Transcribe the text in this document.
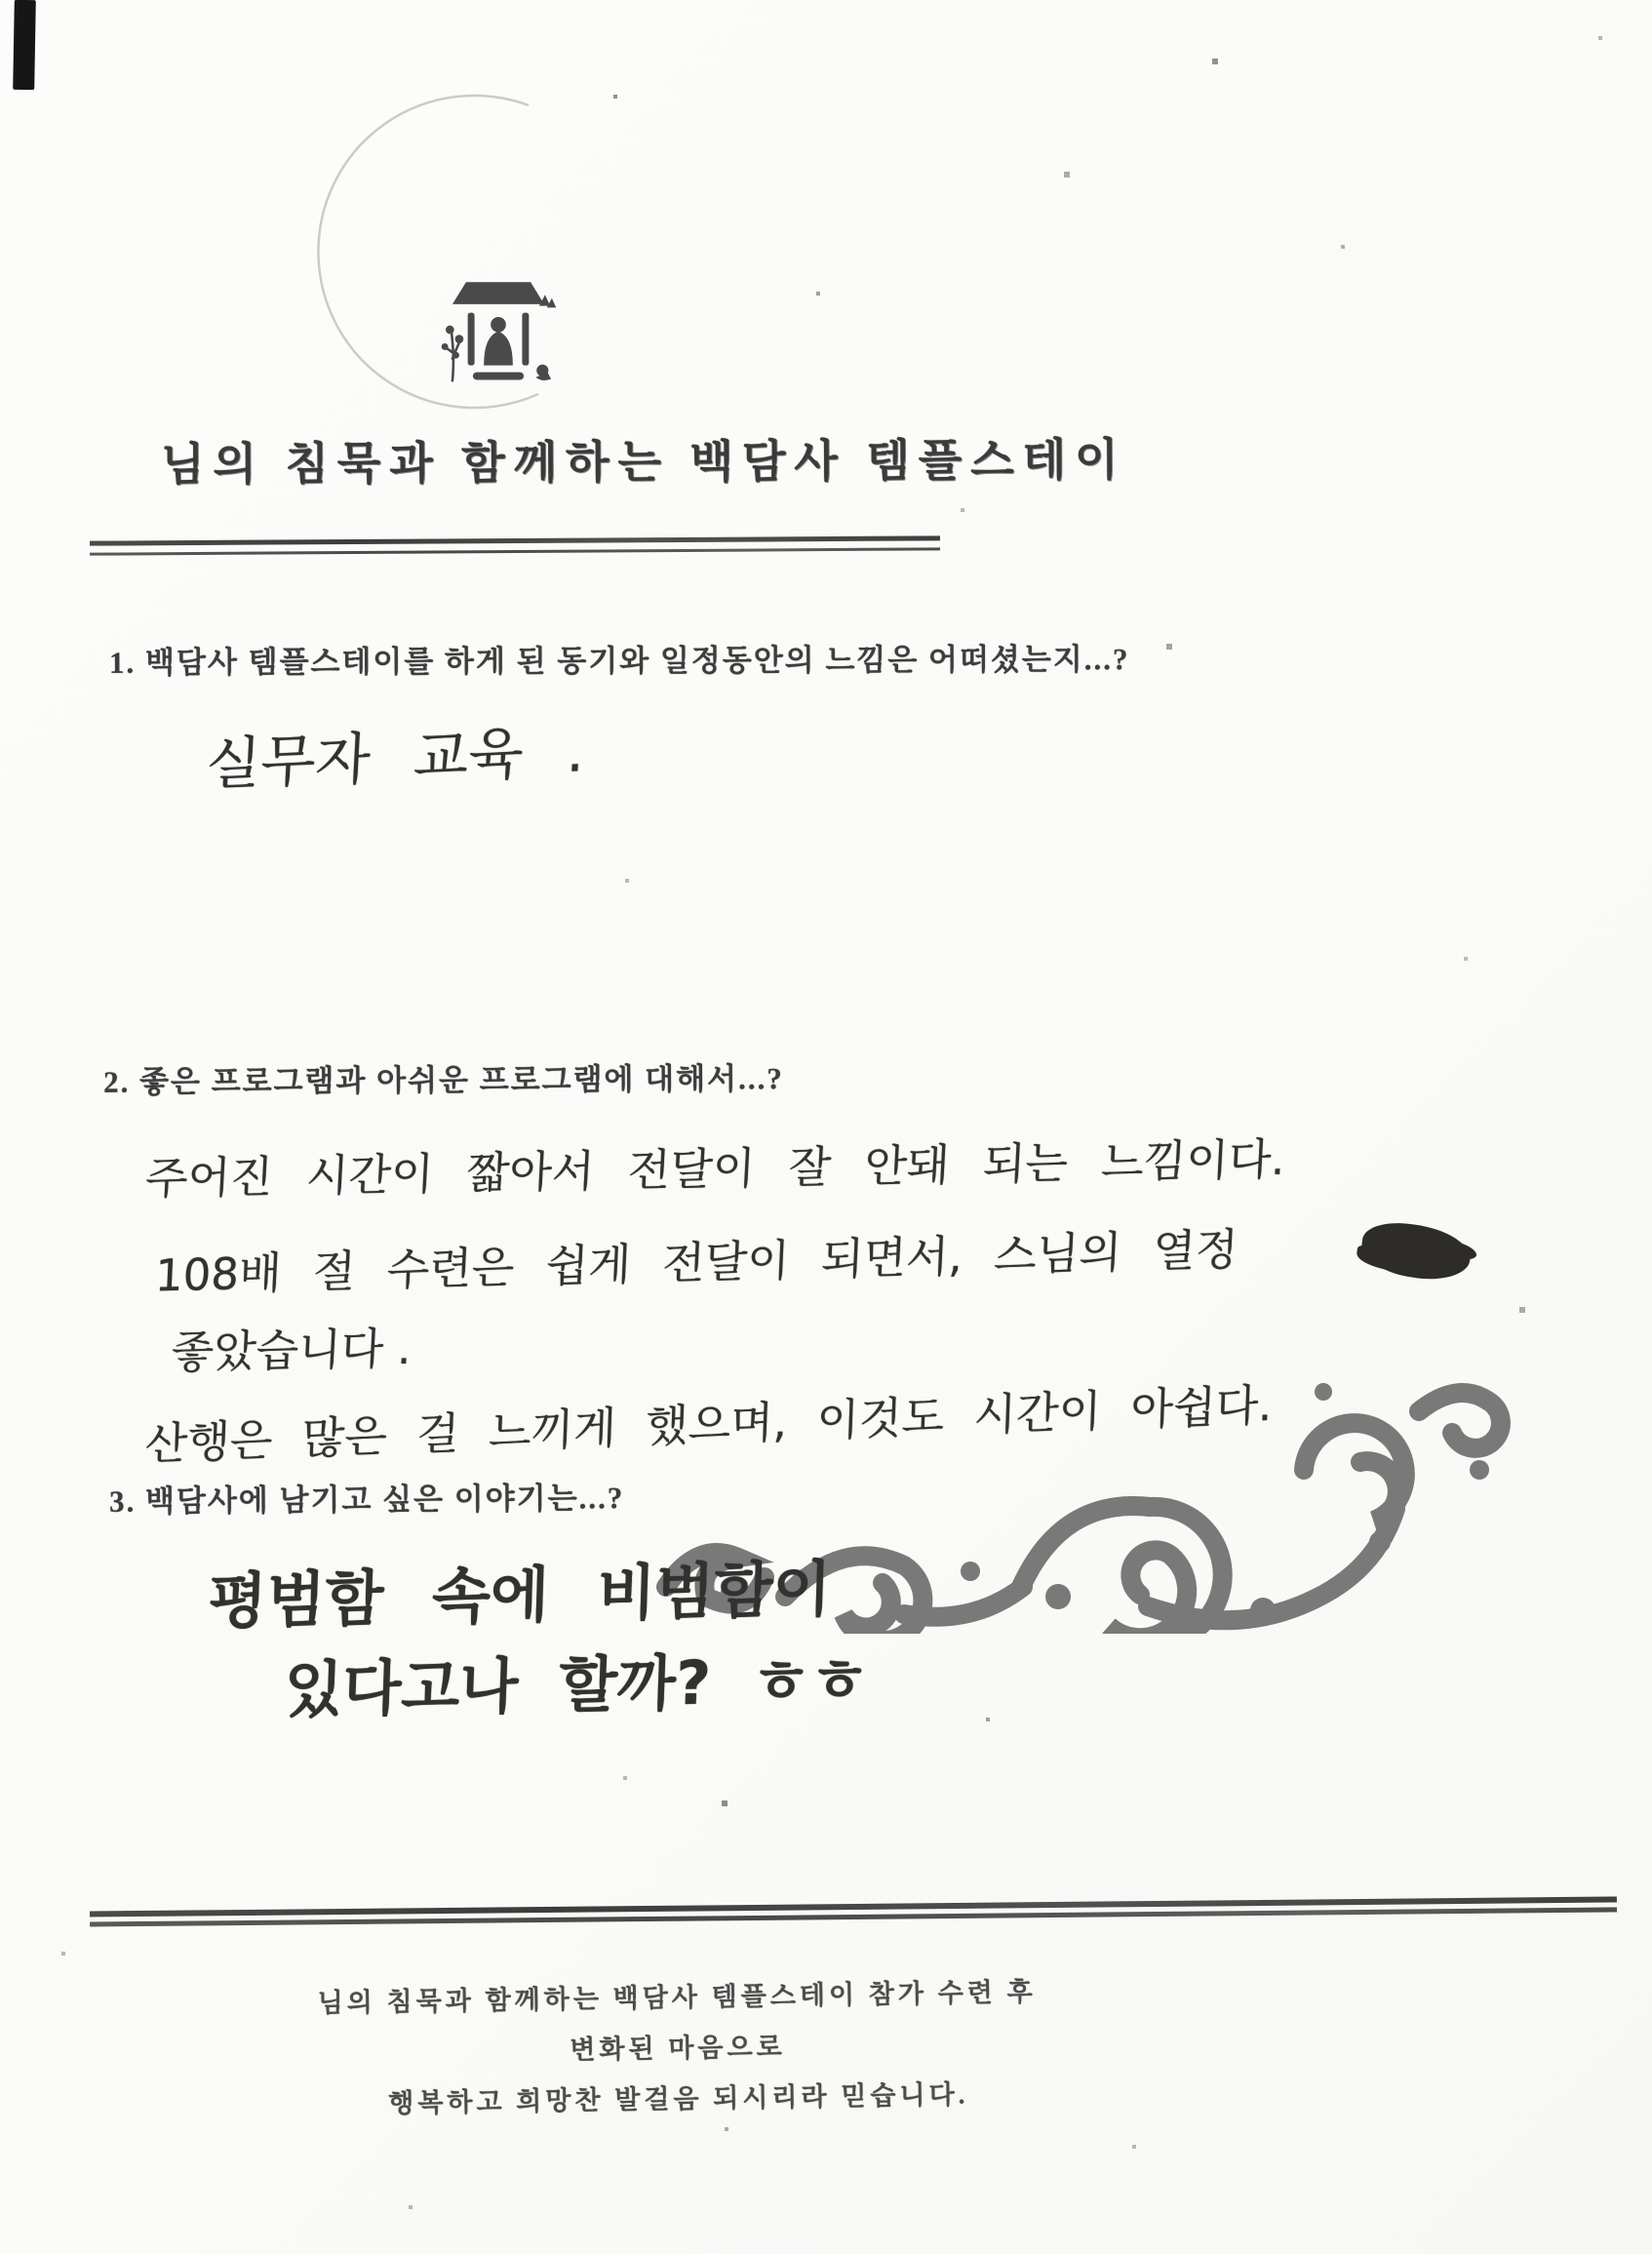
님의 침묵과 함께하는 백담사 템플스테이
1. 백담사 템플스테이를 하게 된 동기와 일정동안의 느낌은 어떠셨는지...?
실무자 교육 .
2. 좋은 프로그램과 아쉬운 프로그램에 대해서...?
주어진 시간이 짧아서 전달이 잘 안돼 되는 느낌이다.
108배 절 수련은 쉽게 전달이 되면서, 스님의 열정
좋았습니다 .
산행은 많은 걸 느끼게 했으며, 이것도 시간이 아쉽다.
3. 백담사에 남기고 싶은 이야기는...?
평범함 속에 비범함이
있다고나 할까? ㅎㅎ
님의 침묵과 함께하는 백담사 템플스테이 참가 수련 후
변화된 마음으로
행복하고 희망찬 발걸음 되시리라 믿습니다.
